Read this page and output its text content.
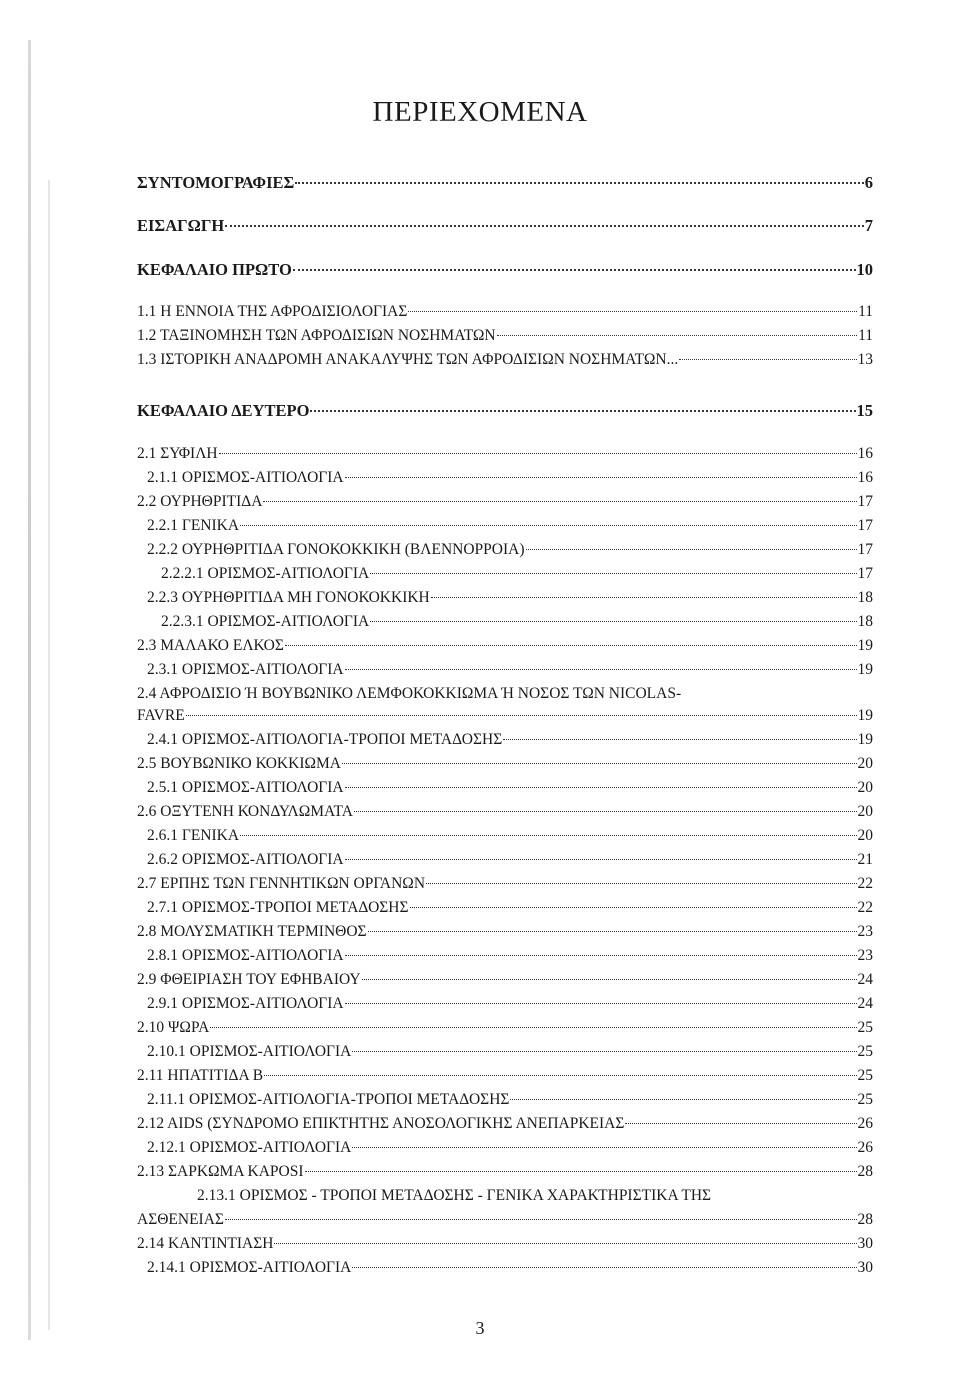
ΠΕΡΙΕΧΟΜΕΝΑ
ΣΥΝΤΟΜΟΓΡΑΦΙΕΣ	6
ΕΙΣΑΓΩΓΗ	7
ΚΕΦΑΛΑΙΟ ΠΡΩΤΟ	10
1.1 Η ΕΝΝΟΙΑ ΤΗΣ ΑΦΡΟΔΙΣΙΟΛΟΓΙΑΣ	11
1.2 ΤΑΞΙΝΟΜΗΣΗ ΤΩΝ ΑΦΡΟΔΙΣΙΩΝ ΝΟΣΗΜΑΤΩΝ	11
1.3 ΙΣΤΟΡΙΚΗ ΑΝΑΔΡΟΜΗ ΑΝΑΚΑΛΥΨΗΣ ΤΩΝ ΑΦΡΟΔΙΣΙΩΝ ΝΟΣΗΜΑΤΩΝ...	13
ΚΕΦΑΛΑΙΟ ΔΕΥΤΕΡΟ	15
2.1 ΣΥΦΙΛΗ	16
2.1.1 ΟΡΙΣΜΟΣ-ΑΙΤΙΟΛΟΓΙΑ	16
2.2 ΟΥΡΗΘΡΙΤΙΔΑ	17
2.2.1 ΓΕΝΙΚΑ	17
2.2.2 ΟΥΡΗΘΡΙΤΙΔΑ ΓΟΝΟΚΟΚΚΙΚΗ (ΒΛΕΝΝΟΡΡΟΙΑ)	17
2.2.2.1 ΟΡΙΣΜΟΣ-ΑΙΤΙΟΛΟΓΙΑ	17
2.2.3 ΟΥΡΗΘΡΙΤΙΔΑ ΜΗ ΓΟΝΟΚΟΚΚΙΚΗ	18
2.2.3.1 ΟΡΙΣΜΟΣ-ΑΙΤΙΟΛΟΓΙΑ	18
2.3 ΜΑΛΑΚΟ ΕΛΚΟΣ	19
2.3.1 ΟΡΙΣΜΟΣ-ΑΙΤΙΟΛΟΓΙΑ	19
2.4 ΑΦΡΟΔΙΣΙΟ Ή ΒΟΥΒΩΝΙΚΟ ΛΕΜΦΟΚΟΚΚΙΩΜΑ Ή ΝΟΣΟΣ ΤΩΝ NICOLAS-
FAVRE	19
2.4.1 ΟΡΙΣΜΟΣ-ΑΙΤΙΟΛΟΓΙΑ-ΤΡΟΠΟΙ ΜΕΤΑΔΟΣΗΣ	19
2.5 ΒΟΥΒΩΝΙΚΟ ΚΟΚΚΙΩΜΑ	20
2.5.1 ΟΡΙΣΜΟΣ-ΑΙΤΙΟΛΟΓΙΑ	20
2.6 ΟΞΥΤΕΝΗ ΚΟΝΔΥΛΩΜΑΤΑ	20
2.6.1 ΓΕΝΙΚΑ	20
2.6.2 ΟΡΙΣΜΟΣ-ΑΙΤΙΟΛΟΓΙΑ	21
2.7 ΕΡΠΗΣ ΤΩΝ ΓΕΝΝΗΤΙΚΩΝ ΟΡΓΑΝΩΝ	22
2.7.1 ΟΡΙΣΜΟΣ-ΤΡΟΠΟΙ ΜΕΤΑΔΟΣΗΣ	22
2.8 ΜΟΛΥΣΜΑΤΙΚΗ ΤΕΡΜΙΝΘΟΣ	23
2.8.1 ΟΡΙΣΜΟΣ-ΑΙΤΙΟΛΟΓΙΑ	23
2.9 ΦΘΕΙΡΙΑΣΗ ΤΟΥ ΕΦΗΒΑΙΟΥ	24
2.9.1 ΟΡΙΣΜΟΣ-ΑΙΤΙΟΛΟΓΙΑ	24
2.10 ΨΩΡΑ	25
2.10.1 ΟΡΙΣΜΟΣ-ΑΙΤΙΟΛΟΓΙΑ	25
2.11 ΗΠΑΤΙΤΙΔΑ Β	25
2.11.1 ΟΡΙΣΜΟΣ-ΑΙΤΙΟΛΟΓΙΑ-ΤΡΟΠΟΙ ΜΕΤΑΔΟΣΗΣ	25
2.12 AIDS (ΣΥΝΔΡΟΜΟ ΕΠΙΚΤΗΤΗΣ ΑΝΟΣΟΛΟΓΙΚΗΣ ΑΝΕΠΑΡΚΕΙΑΣ	26
2.12.1 ΟΡΙΣΜΟΣ-ΑΙΤΙΟΛΟΓΙΑ	26
2.13 ΣΑΡΚΩΜΑ KAPOSI	28
2.13.1 ΟΡΙΣΜΟΣ - ΤΡΟΠΟΙ ΜΕΤΑΔΟΣΗΣ - ΓΕΝΙΚΑ ΧΑΡΑΚΤΗΡΙΣΤΙΚΑ ΤΗΣ
ΑΣΘΕΝΕΙΑΣ	28
2.14 ΚΑΝΤΙΝΤΙΑΣΗ	30
2.14.1 ΟΡΙΣΜΟΣ-ΑΙΤΙΟΛΟΓΙΑ	30
3
